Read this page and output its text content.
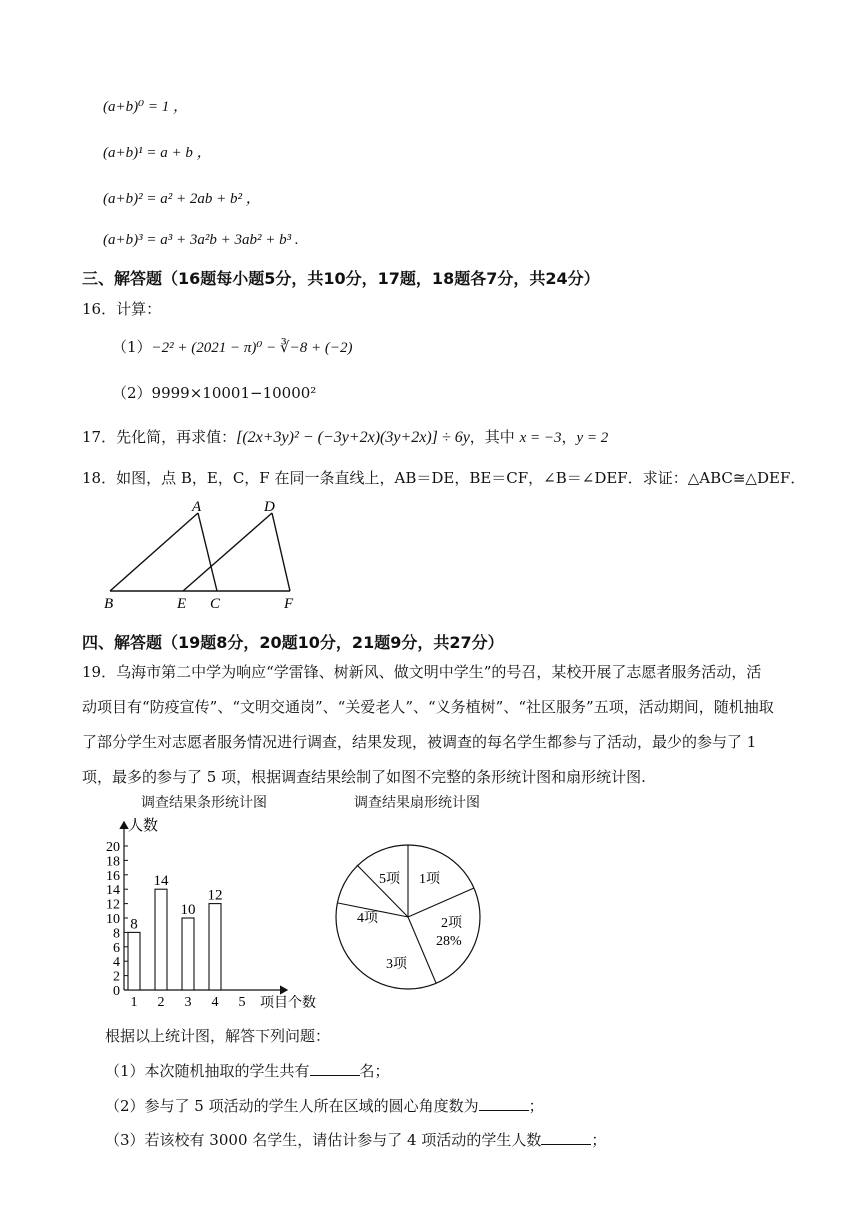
(a+b)⁰ = 1 ，
(a+b)¹ = a + b ，
(a+b)² = a² + 2ab + b² ，
(a+b)³ = a³ + 3a²b + 3ab² + b³ .
三、解答题（16题每小题5分，共10分，17题，18题各7分，共24分）
16．计算：
（1）−2² + (2021 − π)⁰ − ∛−8 + (−2)
（2）9999×10001−10000²
17．先化简，再求值：[(2x+3y)² − (−3y+2x)(3y+2x)] ÷ 6y，其中 x = −3，y = 2
18．如图，点 B，E，C，F 在同一条直线上，AB＝DE，BE＝CF，∠B＝∠DEF．求证：△ABC≅△DEF．
A	D
B	E C	F
四、解答题（19题8分，20题10分，21题9分，共27分）
19．乌海市第二中学为响应“学雷锋、树新风、做文明中学生”的号召，某校开展了志愿者服务活动，活
动项目有“防疫宣传”、“文明交通岗”、“关爱老人”、“义务植树”、“社区服务”五项，活动期间，随机抽取
了部分学生对志愿者服务情况进行调查，结果发现，被调查的每名学生都参与了活动，最少的参与了 1
项，最多的参与了 5 项，根据调查结果绘制了如图不完整的条形统计图和扇形统计图.
调查结果条形统计图	调查结果扇形统计图
人数
项目个数
0
2
4
6
8
10
12
14
16
18
20
1
8
2
14
3
10
4
12
5
1项
2项
28%
3项
4项
5项
根据以上统计图，解答下列问题：
（1）本次随机抽取的学生共有	名；
（2）参与了 5 项活动的学生人所在区域的圆心角度数为	；
（3）若该校有 3000 名学生，请估计参与了 4 项活动的学生人数	；
